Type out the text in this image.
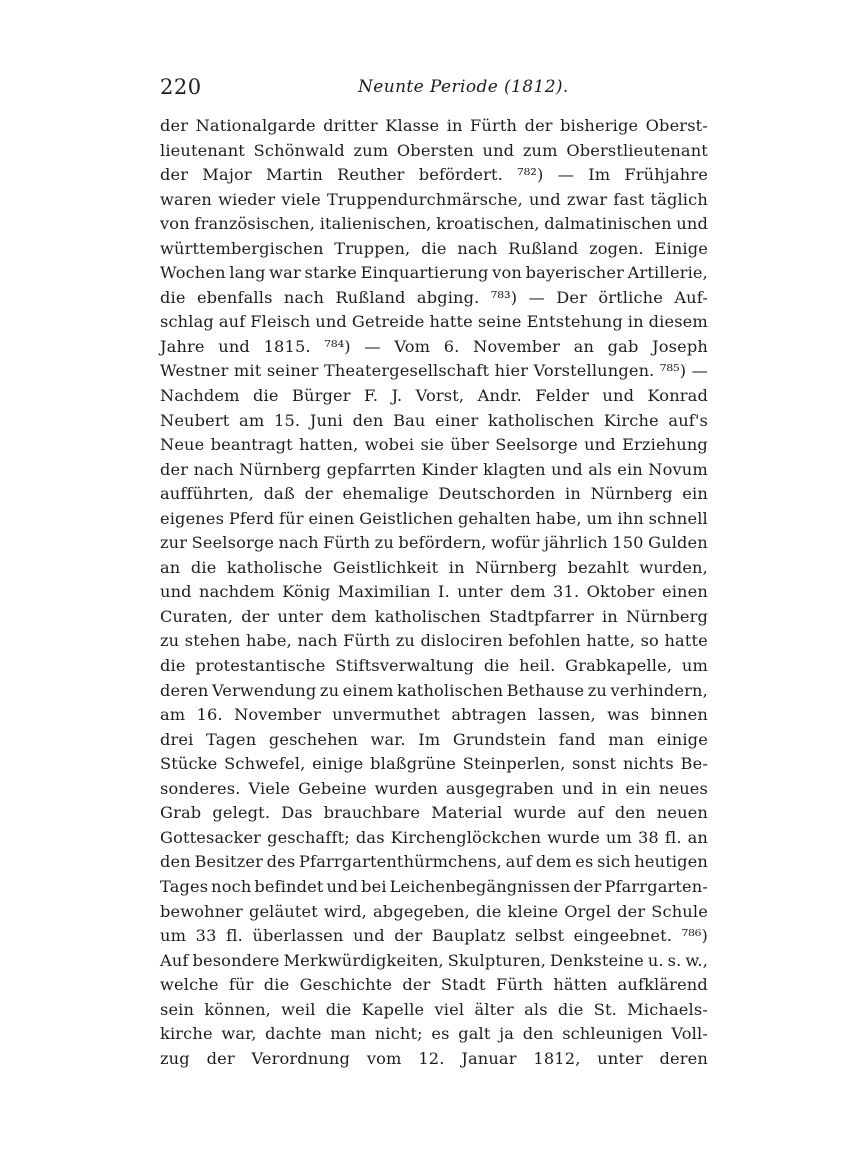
220	Neunte Periode (1812).
der Nationalgarde dritter Klasse in Fürth der bisherige Oberst-
lieutenant Schönwald zum Obersten und zum Oberstlieutenant
der Major Martin Reuther befördert. ⁷⁸²) — Im Frühjahre
waren wieder viele Truppendurchmärsche, und zwar fast täglich
von französischen, italienischen, kroatischen, dalmatinischen und
württembergischen Truppen, die nach Rußland zogen. Einige
Wochen lang war starke Einquartierung von bayerischer Artillerie,
die ebenfalls nach Rußland abging. ⁷⁸³) — Der örtliche Auf-
schlag auf Fleisch und Getreide hatte seine Entstehung in diesem
Jahre und 1815. ⁷⁸⁴) — Vom 6. November an gab Joseph
Westner mit seiner Theatergesellschaft hier Vorstellungen. ⁷⁸⁵) —
Nachdem die Bürger F. J. Vorst, Andr. Felder und Konrad
Neubert am 15. Juni den Bau einer katholischen Kirche auf's
Neue beantragt hatten, wobei sie über Seelsorge und Erziehung
der nach Nürnberg gepfarrten Kinder klagten und als ein Novum
aufführten, daß der ehemalige Deutschorden in Nürnberg ein
eigenes Pferd für einen Geistlichen gehalten habe, um ihn schnell
zur Seelsorge nach Fürth zu befördern, wofür jährlich 150 Gulden
an die katholische Geistlichkeit in Nürnberg bezahlt wurden,
und nachdem König Maximilian I. unter dem 31. Oktober einen
Curaten, der unter dem katholischen Stadtpfarrer in Nürnberg
zu stehen habe, nach Fürth zu dislociren befohlen hatte, so hatte
die protestantische Stiftsverwaltung die heil. Grabkapelle, um
deren Verwendung zu einem katholischen Bethause zu verhindern,
am 16. November unvermuthet abtragen lassen, was binnen
drei Tagen geschehen war. Im Grundstein fand man einige
Stücke Schwefel, einige blaßgrüne Steinperlen, sonst nichts Be-
sonderes. Viele Gebeine wurden ausgegraben und in ein neues
Grab gelegt. Das brauchbare Material wurde auf den neuen
Gottesacker geschafft; das Kirchenglöckchen wurde um 38 fl. an
den Besitzer des Pfarrgartenthürmchens, auf dem es sich heutigen
Tages noch befindet und bei Leichenbegängnissen der Pfarrgarten-
bewohner geläutet wird, abgegeben, die kleine Orgel der Schule
um 33 fl. überlassen und der Bauplatz selbst eingeebnet. ⁷⁸⁶)
Auf besondere Merkwürdigkeiten, Skulpturen, Denksteine u. s. w.,
welche für die Geschichte der Stadt Fürth hätten aufklärend
sein können, weil die Kapelle viel älter als die St. Michaels-
kirche war, dachte man nicht; es galt ja den schleunigen Voll-
zug der Verordnung vom 12. Januar 1812, unter deren
